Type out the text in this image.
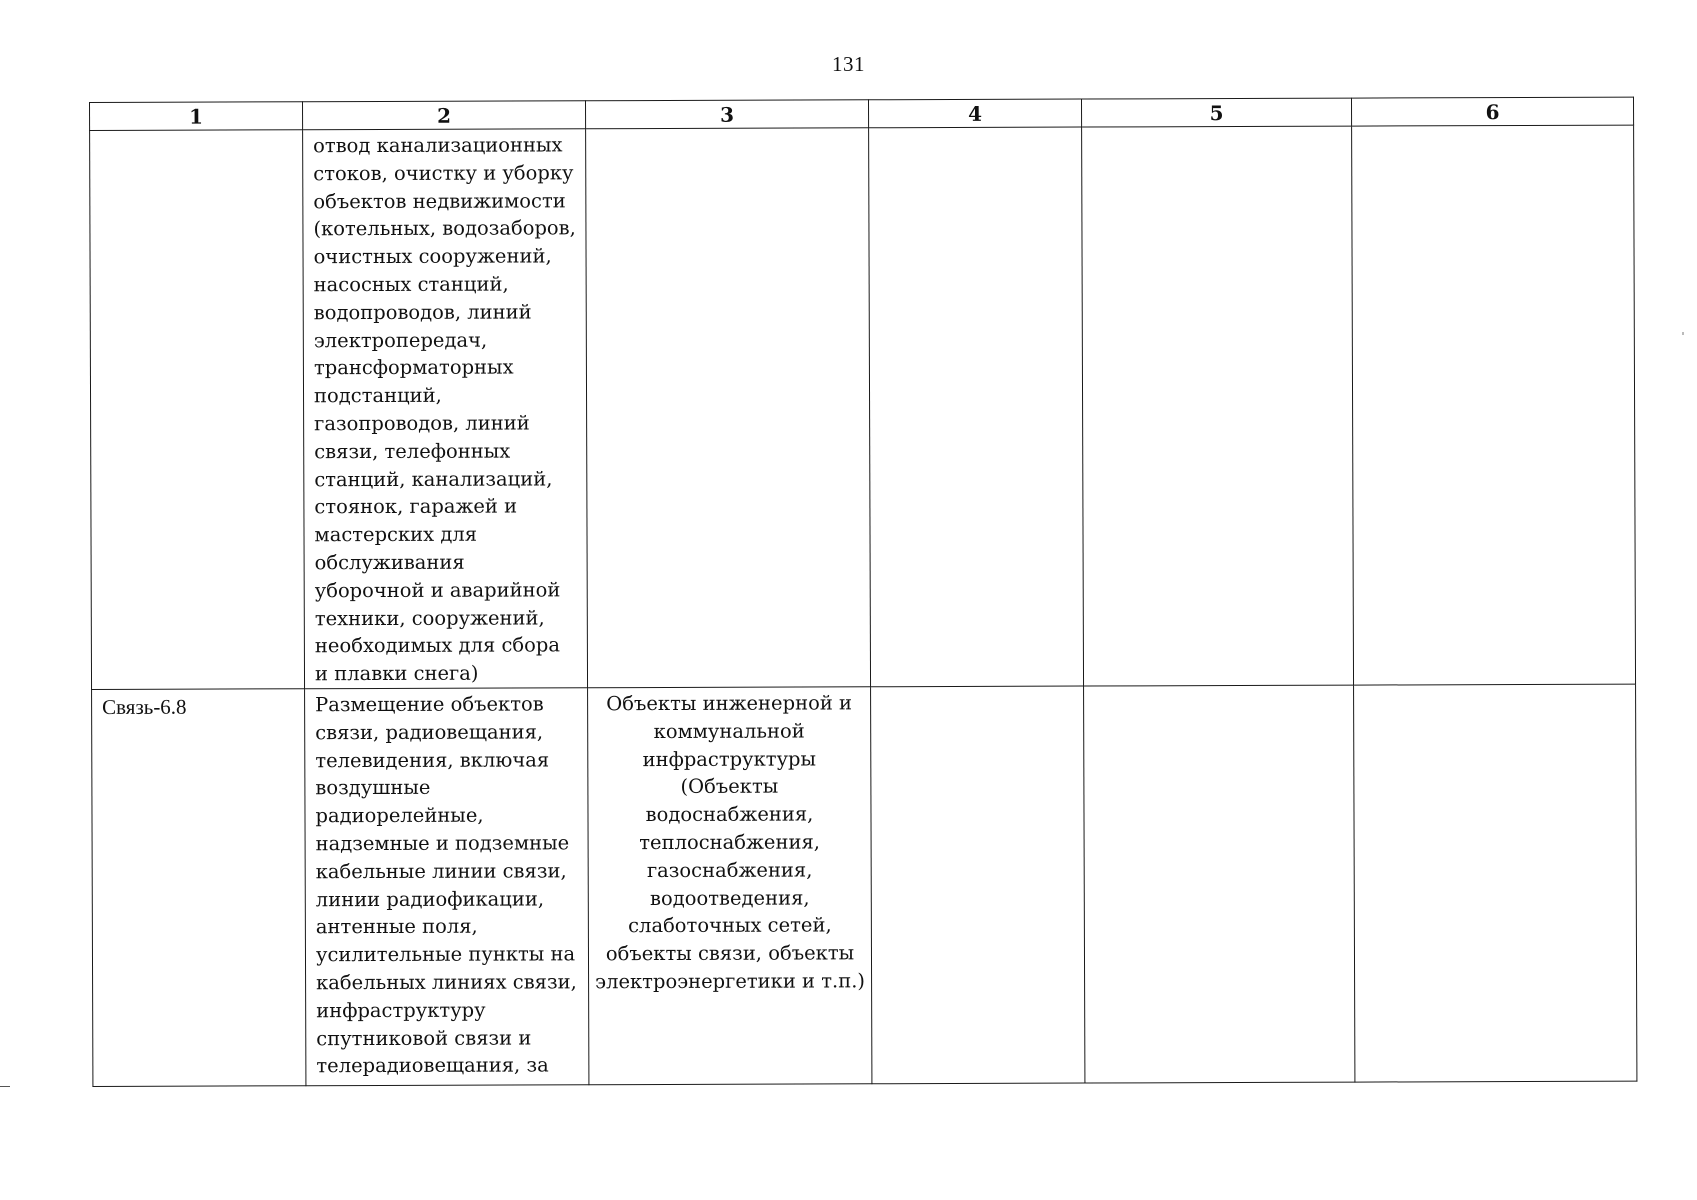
131
1	2	3	4	5	6
	отвод канализационных стоков, очистку и уборку объектов недвижимости (котельных, водозаборов, очистных сооружений, насосных станций, водопроводов, линий электропередач, трансформаторных подстанций, газопроводов, линий связи, телефонных станций, канализаций, стоянок, гаражей и мастерских для обслуживания уборочной и аварийной техники, сооружений, необходимых для сбора и плавки снега)				
Связь-6.8	Размещение объектов связи, радиовещания, телевидения, включая воздушные радиорелейные, надземные и подземные кабельные линии связи, линии радиофикации, антенные поля, усилительные пункты на кабельных линиях связи, инфраструктуру спутниковой связи и телерадиовещания, за	Объекты инженерной и коммунальной инфраструктуры (Объекты водоснабжения, теплоснабжения, газоснабжения, водоотведения, слаботочных сетей, объекты связи, объекты электроэнергетики и т.п.)			
